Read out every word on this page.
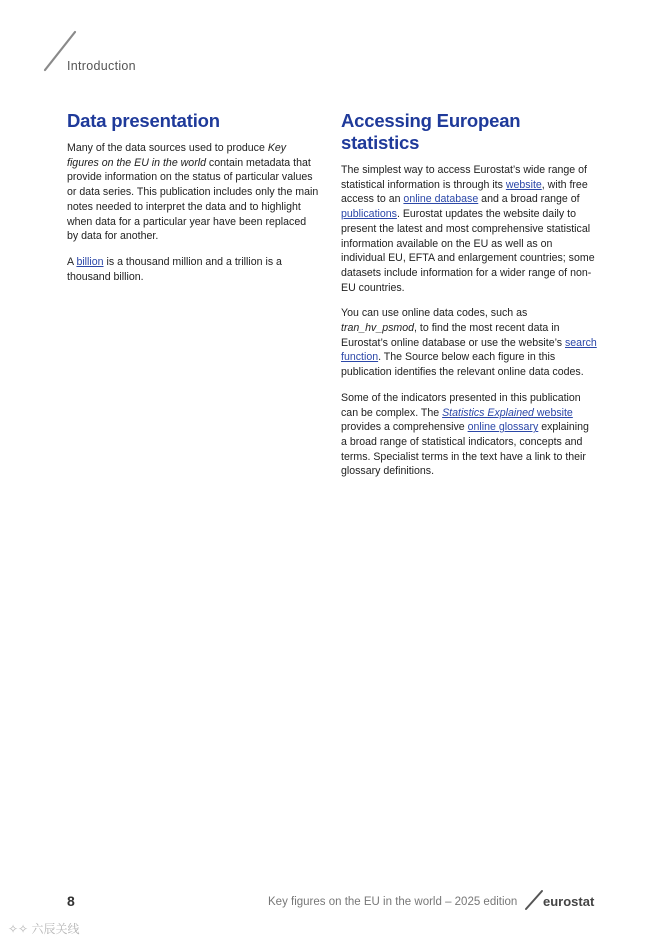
Introduction
Data presentation

Many of the data sources used to produce Key figures on the EU in the world contain metadata that provide information on the status of particular values or data series. This publication includes only the main notes needed to interpret the data and to highlight when data for a particular year have been replaced by data for another.

A billion is a thousand million and a trillion is a thousand billion.

Accessing European statistics

The simplest way to access Eurostat’s wide range of statistical information is through its website, with free access to an online database and a broad range of publications. Eurostat updates the website daily to present the latest and most comprehensive statistical information available on the EU as well as on individual EU, EFTA and enlargement countries; some datasets include information for a wider range of non-EU countries.

You can use online data codes, such as tran_hv_psmod, to find the most recent data in Eurostat’s online database or use the website’s search function. The Source below each figure in this publication identifies the relevant online data codes.

Some of the indicators presented in this publication can be complex. The Statistics Explained website provides a comprehensive online glossary explaining a broad range of statistical indicators, concepts and terms. Specialist terms in the text have a link to their glossary definitions.

8	Key figures on the EU in the world – 2025 edition eurostat
✧✧ 六辰关线
